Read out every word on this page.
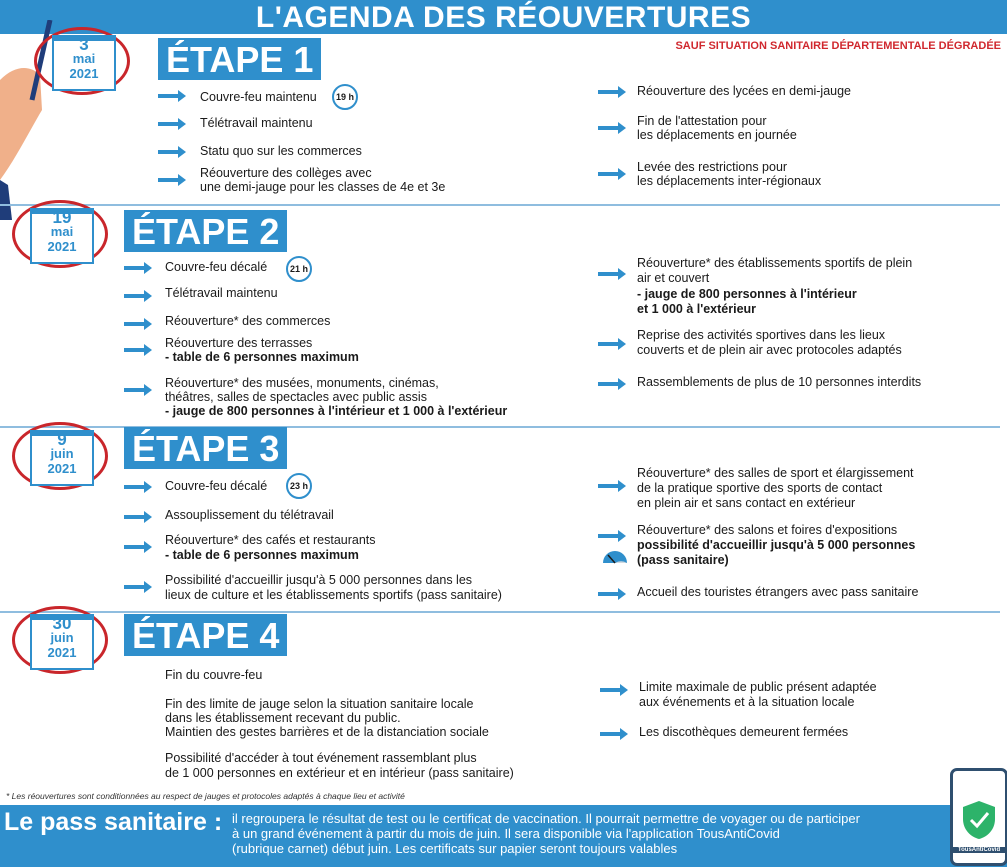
L'AGENDA DES RÉOUVERTURES
SAUF SITUATION SANITAIRE DÉPARTEMENTALE DÉGRADÉE
3
mai
2021	ÉTAPE 1
Couvre-feu maintenu	19 h
Télétravail maintenu
Statu quo sur les commerces
Réouverture des collèges avec
une demi-jauge pour les classes de 4e et 3e
Réouverture des lycées en demi-jauge
Fin de l'attestation pour
les déplacements en journée
Levée des restrictions pour
les déplacements inter-régionaux
19
mai
2021	ÉTAPE 2
Couvre-feu décalé	21 h
Télétravail maintenu
Réouverture* des commerces
Réouverture des terrasses
- table de 6 personnes maximum
Réouverture* des musées, monuments, cinémas,
théâtres, salles de spectacles avec public assis
- jauge de 800 personnes à l'intérieur et 1 000 à l'extérieur
Réouverture* des établissements sportifs de plein
air et couvert
- jauge de 800 personnes à l'intérieur
et 1 000 à l'extérieur
Reprise des activités sportives dans les lieux
couverts et de plein air avec protocoles adaptés
Rassemblements de plus de 10 personnes interdits
9
juin
2021	ÉTAPE 3
Couvre-feu décalé	23 h
Assouplissement du télétravail
Réouverture* des cafés et restaurants
- table de 6 personnes maximum
Possibilité d'accueillir jusqu'à 5 000 personnes dans les
lieux de culture et les établissements sportifs (pass sanitaire)
Réouverture* des salles de sport et élargissement
de la pratique sportive des sports de contact
en plein air et sans contact en extérieur
Réouverture* des salons et foires d'expositions
possibilité d'accueillir jusqu'à 5 000 personnes
(pass sanitaire)
Accueil des touristes étrangers avec pass sanitaire
30
juin
2021	ÉTAPE 4
Fin du couvre-feu
Fin des limite de jauge selon la situation sanitaire locale
dans les établissement recevant du public.
Maintien des gestes barrières et de la distanciation sociale
Possibilité d'accéder à tout événement rassemblant plus
de 1 000 personnes en extérieur et en intérieur (pass sanitaire)
Limite maximale de public présent adaptée
aux événements et à la situation locale
Les discothèques demeurent fermées
* Les réouvertures sont conditionnées au respect de jauges et protocoles adaptés à chaque lieu et activité
Le pass sanitaire : il regroupera le résultat de test ou le certificat de vaccination. Il pourrait permettre de voyager ou de participer
à un grand événement à partir du mois de juin. Il sera disponible via l'application TousAntiCovid
(rubrique carnet) début juin. Les certificats sur papier seront toujours valables	TousAntiCovid
